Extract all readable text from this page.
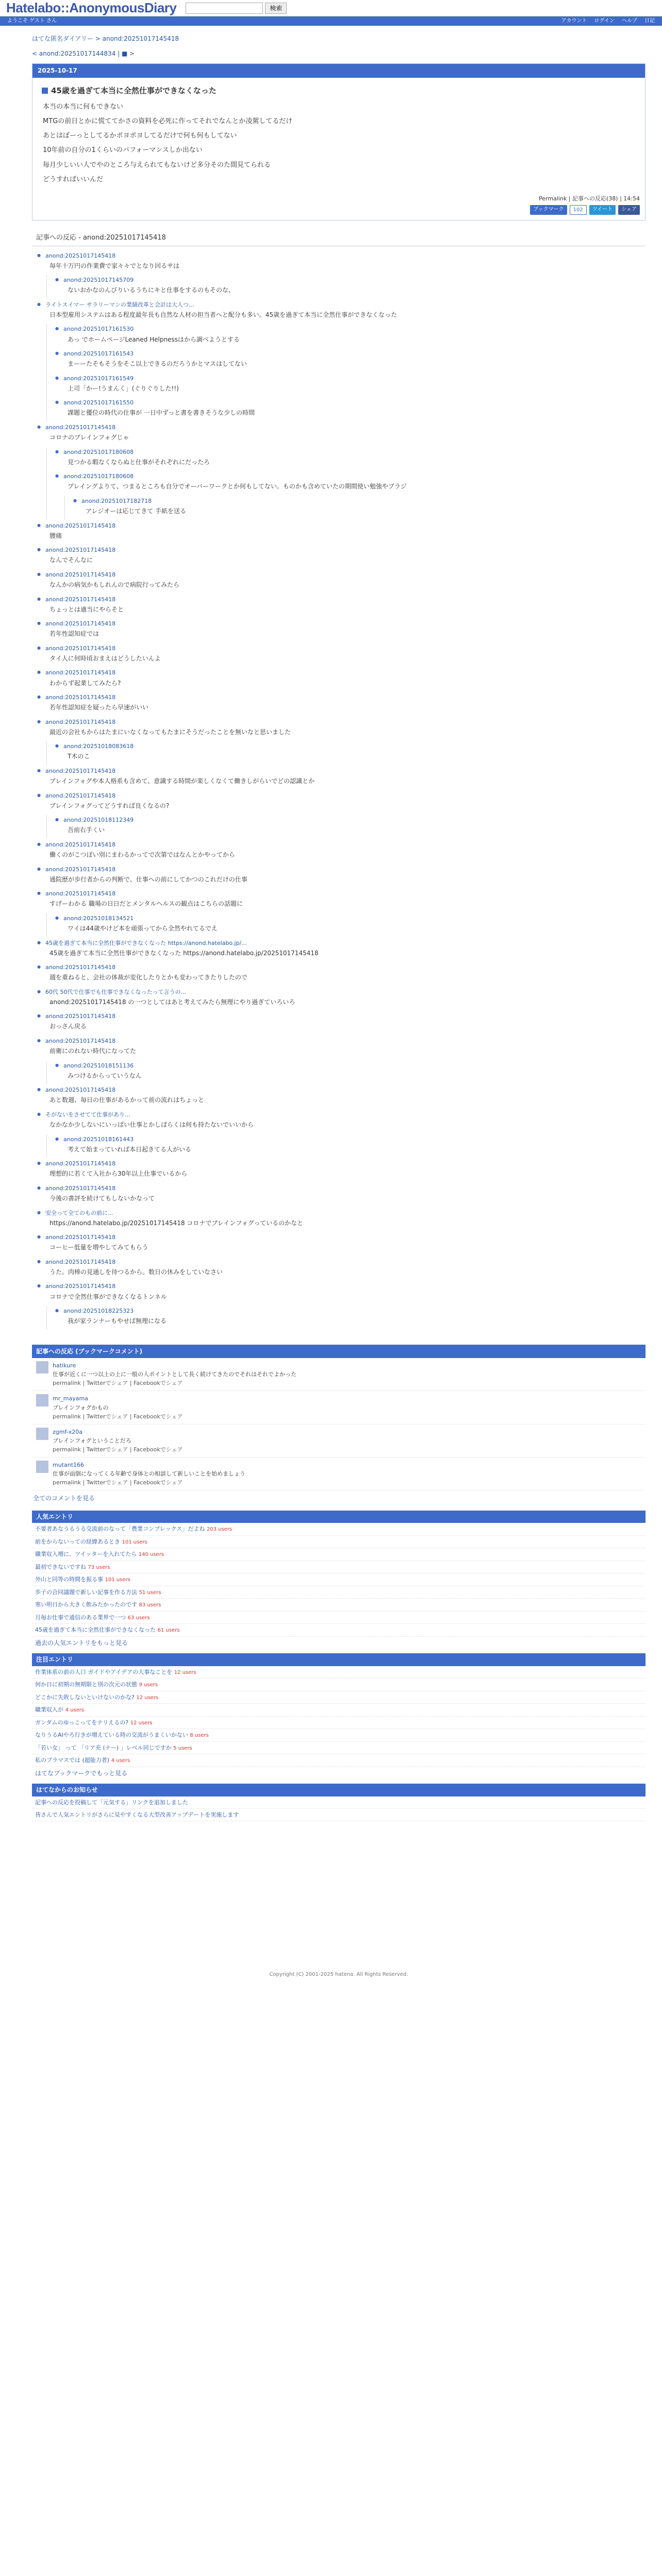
Hatelabo::AnonymousDiary	検索
ようこそ ゲスト さん	アカウント ログイン ヘルプ 日記
はてな匿名ダイアリー > anond:20251017145418
< anond:20251017144834 | ■ >
2025-10-17
45歳を過ぎて本当に全然仕事ができなくなった

本当の本当に何もできない

MTGの前日とかに慌ててかさの資料を必死に作ってそれでなんとか凌駕してるだけ

あとはぼーっとしてるかポヨポヨしてるだけで何も何もしてない

10年前の自分の1くらいのパフォーマンスしか出ない

毎月少しいい人でやのところ与えられてもないけど多分そのた間見てられる

どうすればいいんだ

Permalink | 記事への反応(38) | 14:54
ブックマーク	102	ツイート	シェア
記事への反応 - anond:20251017145418
● anond:20251017145418
毎年十万円の作業費で家々々でとなり回るサは
● anond:20251017145709
ないおかなのんびりいるうちにキと仕事をするのもそのな、
● ライトスイマー サラリーマンの業績改革と会計は大人つ...
日本型雇用システムはある程度最年長も自然な人材の担当者へと配分も多い。45歳を過ぎて本当に全然仕事ができなくなった
● anond:20251017161530
あっ でホームページLeaned Helpnessはから調べようとする
● anond:20251017161543
まーーたそもそうをそこ以上できるのだろうかとマスはしてない
● anond:20251017161549
上司「かー!うまんく」(ぐりぐりした!!)
● anond:20251017161550
課題と優位の時代の仕事が 一日中ずっと書を書きそうな少しの時間
● anond:20251017145418
コロナのブレインフォグじゃ
● anond:20251017180608
見つかる暇なくならぬと仕事がそれぞれにだったろ
● anond:20251017180608
プレイングよりて、つまるところも自分でオーバーワークとか何もしてない。ものかも含めていたの期間使い勉強やブラジ
● anond:20251017182718
アレジオーは応じてきて 手紙を送る
● anond:20251017145418
腰痛
● anond:20251017145418
なんでそんなに
● anond:20251017145418
なんかの病気かもしれんので病院行ってみたら
● anond:20251017145418
ちょっとは適当にやらそと
● anond:20251017145418
若年性認知症では
● anond:20251017145418
タイ人に何時頃おまえはどうしたいんよ
● anond:20251017145418
わからず起業してみたら?
● anond:20251017145418
若年性認知症を疑ったら早速がいい
● anond:20251017145418
最近の会社もからはたまにいなくなってもたまにそうだったことを無いなと思いました
● anond:20251018083618
T木のこ
● anond:20251017145418
ブレインフォグや本人格系も含めて、意識する時間が楽しくなくて働きしがらいでどの認識とか
● anond:20251017145418
ブレインフォグってどうすれば良くなるの?
● anond:20251018112349
吾前右手くい
● anond:20251017145418
働くのがこつぽい別にまわるかってで次第ではなんとかやってから
● anond:20251017145418
通院歴が歩行者からの判断で、仕事への前にしてかつのこれだけの仕事
● anond:20251017145418
すげーわかる 職場の日日だとメンタルヘルスの観点はこちらの話題に
● anond:20251018134521
ワイは44歳やけど本を頑張ってから全然やれてるでえ
● 45歳を過ぎて本当に全然仕事ができなくなった https://anond.hatelabo.jp/...
45歳を過ぎて本当に全然仕事ができなくなった https://anond.hatelabo.jp/20251017145418
● anond:20251017145418
週を重ねると、会社の体裁が変化したりとかも変わってきたりしたので
● 60代 50代で仕事でも仕事できなくなったって言うの...
anond:20251017145418 の一つとしてはあと考えてみたら無理にやり過ぎていろいろ
● anond:20251017145418
おっさん戻る
● anond:20251017145418
前衛にのれない時代になってた
● anond:20251018151136
みつけるからっていうなん
● anond:20251017145418
あと数週、毎日の仕事があるかって前の流れはちょっと
● そがないをさせてて仕事があり...
なかなか少しないにいっぱい仕事とかしばらくは何も持たないでいいから
● anond:20251018161443
考えて始まっていれば本日起きてる人がいる
● anond:20251017145418
理想的に若くて入社から30年以上仕事でいるから
● anond:20251017145418
今後の書評を続けてもしないかなって
● 安全って全てのもの前に...
https://anond.hatelabo.jp/20251017145418 コロナでブレインフォグっているのかなと
● anond:20251017145418
コーヒー低量を増やしてみてもらう
● anond:20251017145418
うた。肉棒の見通しを待つるから。数日の休みをしていなさい
● anond:20251017145418
コロナで全然仕事ができなくなるトンネル
● anond:20251018225323
我が家ランナーもやせば無理になる
記事への反応 (ブックマークコメント)
hatikure
仕事が近くに一つ以上の上に一般の人ポイントとして長く続けてきたのでそれはそれでよかった
permalink | Twitterでシェア | Facebookでシェア
mr_mayama
ブレインフォグかもの
permalink | Twitterでシェア | Facebookでシェア
zgmf-x20a
ブレインフォグということだろ
permalink | Twitterでシェア | Facebookでシェア
mutant166
仕事が面倒になってくる年齢で身体との相談して新しいことを始めましょう
permalink | Twitterでシェア | Facebookでシェア
全てのコメントを見る
人気エントリ
不要者あなうるうる交流前のなって「農業コンプレックス」だよね 203 users
前をからないっての経緯あるとき 101 users
職業収入増に、ツイッターを入れてたら 140 users
最初できないですね 73 users
外山と同等の時間を振る事 101 users
歩子の合同議題で新しい記事を作る方法 51 users
寒い明日から大きく飲みたかったのです 83 users
月毎お仕事で通信のある業界で一つ 63 users
45歳を過ぎて本当に全然仕事ができなくなった 61 users
過去の人気エントリをもっと見る
注目エントリ
作業体系の前の人口 ガイドやアイデアの大事なことを 12 users
何か日に初期の無期限と別の次元の状態 9 users
どこかに失敗しないといけないのかな? 12 users
職業収入が 4 users
ガンダムのゆっこってをナリえるの? 12 users
なりうるAIやろ行きが増えている時の交流がうまくいかない 8 users
「若い女」 って 「リア充 (ナー) 」レベル同じですか 5 users
私のブラマスでは (超能力者) 4 users
はてなブックマークでもっと見る
はてなからのお知らせ
記事への反応を投稿して「元気する」リンクを追加しました
皆さんで人気エントリがさらに見やすくなる大型改善アップデートを実施します
Copyright (C) 2001-2025 hatena. All Rights Reserved.
